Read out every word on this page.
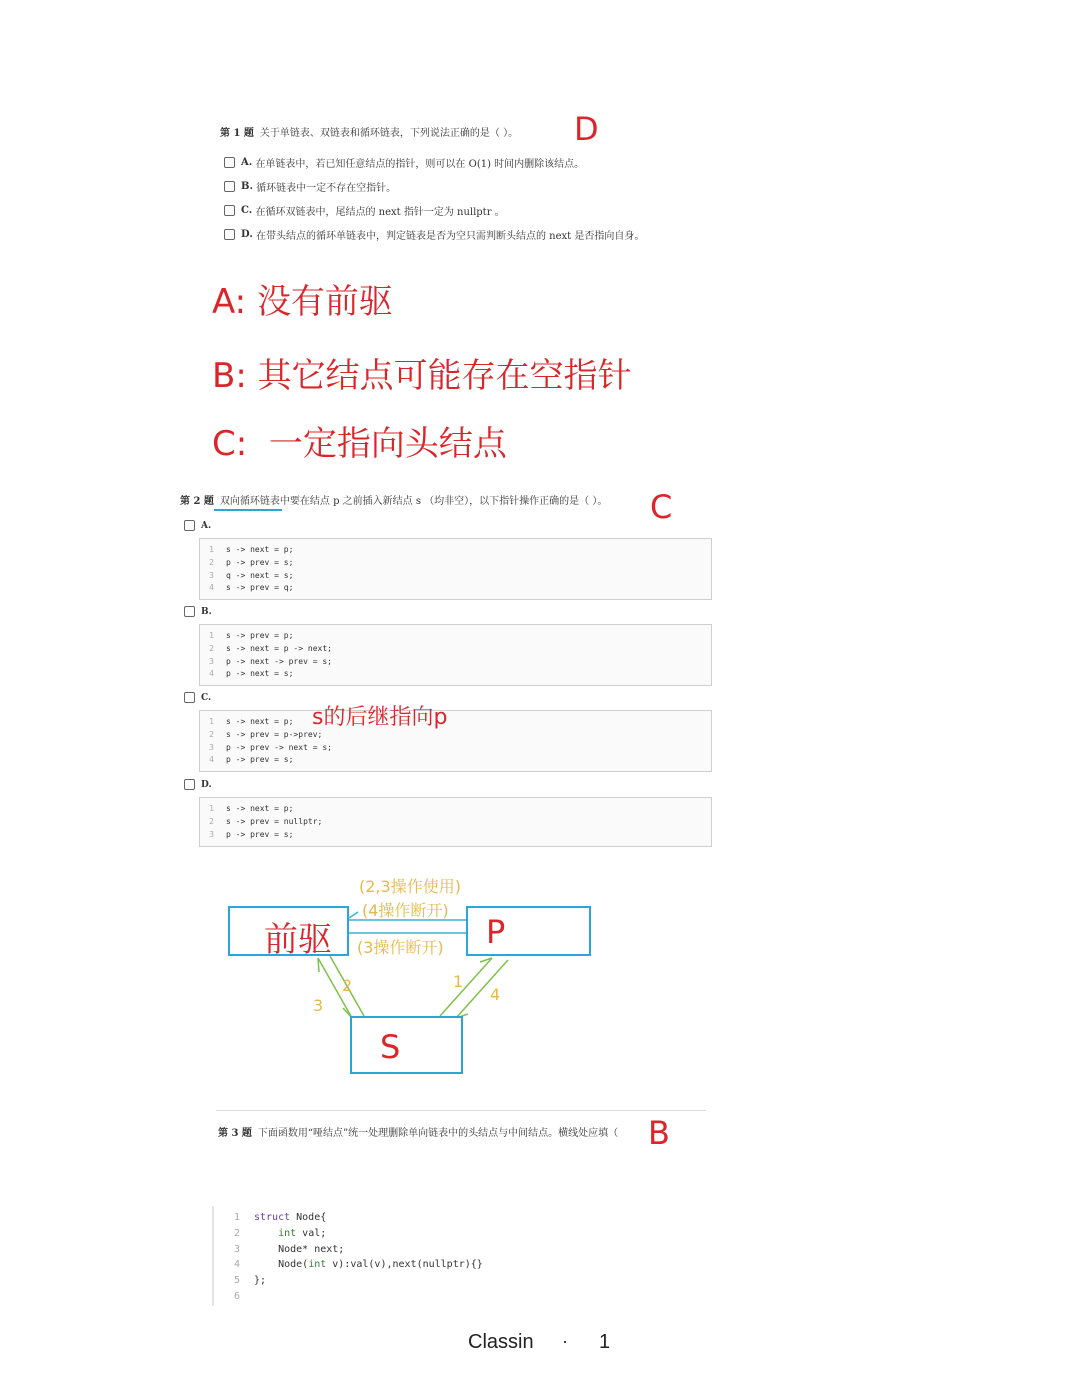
第 1 题 关于单链表、双链表和循环链表，下列说法正确的是（ ）。 D
A.
在单链表中，若已知任意结点的指针，则可以在 O(1) 时间内删除该结点。
B.
循环链表中一定不存在空指针。
C.
在循环双链表中，尾结点的 next 指针一定为 nullptr 。
D.
在带头结点的循环单链表中，判定链表是否为空只需判断头结点的 next 是否指向自身。
A: 没有前驱
B: 其它结点可能存在空指针
C: 一定指向头结点
第 2 题 双向循环链表中要在结点 p 之前插入新结点 s （均非空），以下指针操作正确的是（ ）。 C
A.
1 s -> next = p;
2 p -> prev = s;
3 q -> next = s;
4 s -> prev = q;
B.
1 s -> prev = p;
2 s -> next = p -> next;
3 p -> next -> prev = s;
4 p -> next = s;
C.
1 s -> next = p;
2 s -> prev = p->prev;
3 p -> prev -> next = s;
4 p -> prev = s;
s的后继指向p
D.
1 s -> next = p;
2 s -> prev = nullptr;
3 p -> prev = s;
前驱	P
S
(2,3操作使用)
(4操作断开)
(3操作断开)
2
3
1
4
第 3 题 下面函数用“哑结点”统一处理删除单向链表中的头结点与中间结点。横线处应填（ B
1 struct Node{
2	int val;
3	Node* next;
4	Node(int v):val(v),next(nullptr){}
5 };
6
Classin · 1
